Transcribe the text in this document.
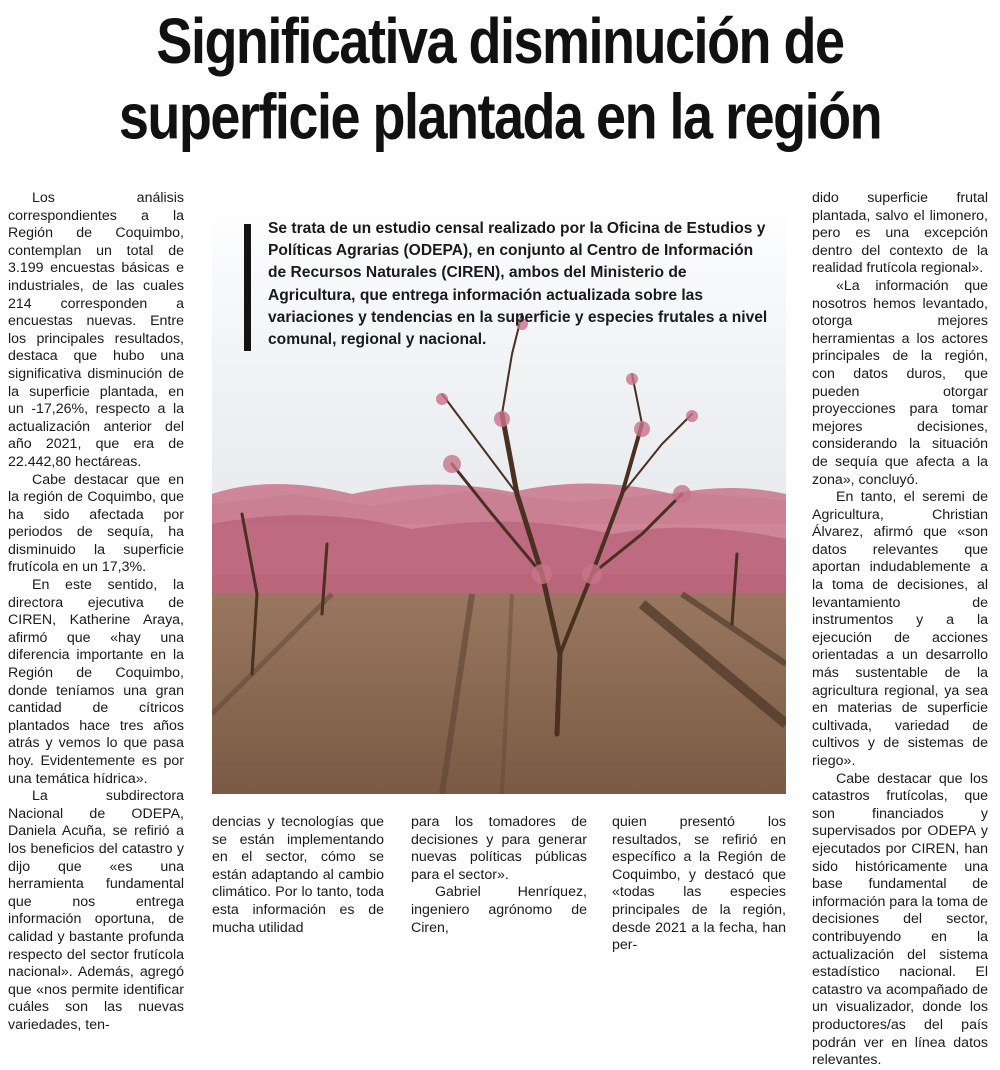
Significativa disminución de
superficie plantada en la región

Los análisis correspondientes a la Región de Coquimbo, contemplan un total de 3.199 encuestas básicas e industriales, de las cuales 214 corresponden a encuestas nuevas. Entre los principales resultados, destaca que hubo una significativa disminución de la superficie plantada, en un -17,26%, respecto a la actualización anterior del año 2021, que era de 22.442,80 hectáreas.

Cabe destacar que en la región de Coquimbo, que ha sido afectada por periodos de sequía, ha disminuido la superficie frutícola en un 17,3%.

En este sentido, la directora ejecutiva de CIREN, Katherine Araya, afirmó que «hay una diferencia importante en la Región de Coquimbo, donde teníamos una gran cantidad de cítricos plantados hace tres años atrás y vemos lo que pasa hoy. Evidentemente es por una temática hídrica».

La subdirectora Nacional de ODEPA, Daniela Acuña, se refirió a los beneficios del catastro y dijo que «es una herramienta fundamental que nos entrega información oportuna, de calidad y bastante profunda respecto del sector frutícola nacional». Además, agregó que «nos permite identificar cuáles son las nuevas variedades, ten-

Se trata de un estudio censal realizado por la Oficina de Estudios y Políticas Agrarias (ODEPA), en conjunto al Centro de Información de Recursos Naturales (CIREN), ambos del Ministerio de Agricultura, que entrega información actualizada sobre las variaciones y tendencias en la superficie y especies frutales a nivel comunal, regional y nacional.

dencias y tecnologías que se están implementando en el sector, cómo se están adaptando al cambio climático. Por lo tanto, toda esta información es de mucha utilidad

para los tomadores de decisiones y para generar nuevas políticas públicas para el sector».

Gabriel Henríquez, ingeniero agrónomo de Ciren,

quien presentó los resultados, se refirió en específico a la Región de Coquimbo, y destacó que «todas las especies principales de la región, desde 2021 a la fecha, han per-

dido superficie frutal plantada, salvo el limonero, pero es una excepción dentro del contexto de la realidad frutícola regional».

«La información que nosotros hemos levantado, otorga mejores herramientas a los actores principales de la región, con datos duros, que pueden otorgar proyecciones para tomar mejores decisiones, considerando la situación de sequía que afecta a la zona», concluyó.

En tanto, el seremi de Agricultura, Christian Álvarez, afirmó que «son datos relevantes que aportan indudablemente a la toma de decisiones, al levantamiento de instrumentos y a la ejecución de acciones orientadas a un desarrollo más sustentable de la agricultura regional, ya sea en materias de superficie cultivada, variedad de cultivos y de sistemas de riego».

Cabe destacar que los catastros frutícolas, que son financiados y supervisados por ODEPA y ejecutados por CIREN, han sido históricamente una base fundamental de información para la toma de decisiones del sector, contribuyendo en la actualización del sistema estadístico nacional. El catastro va acompañado de un visualizador, donde los productores/as del país podrán ver en línea datos relevantes.
